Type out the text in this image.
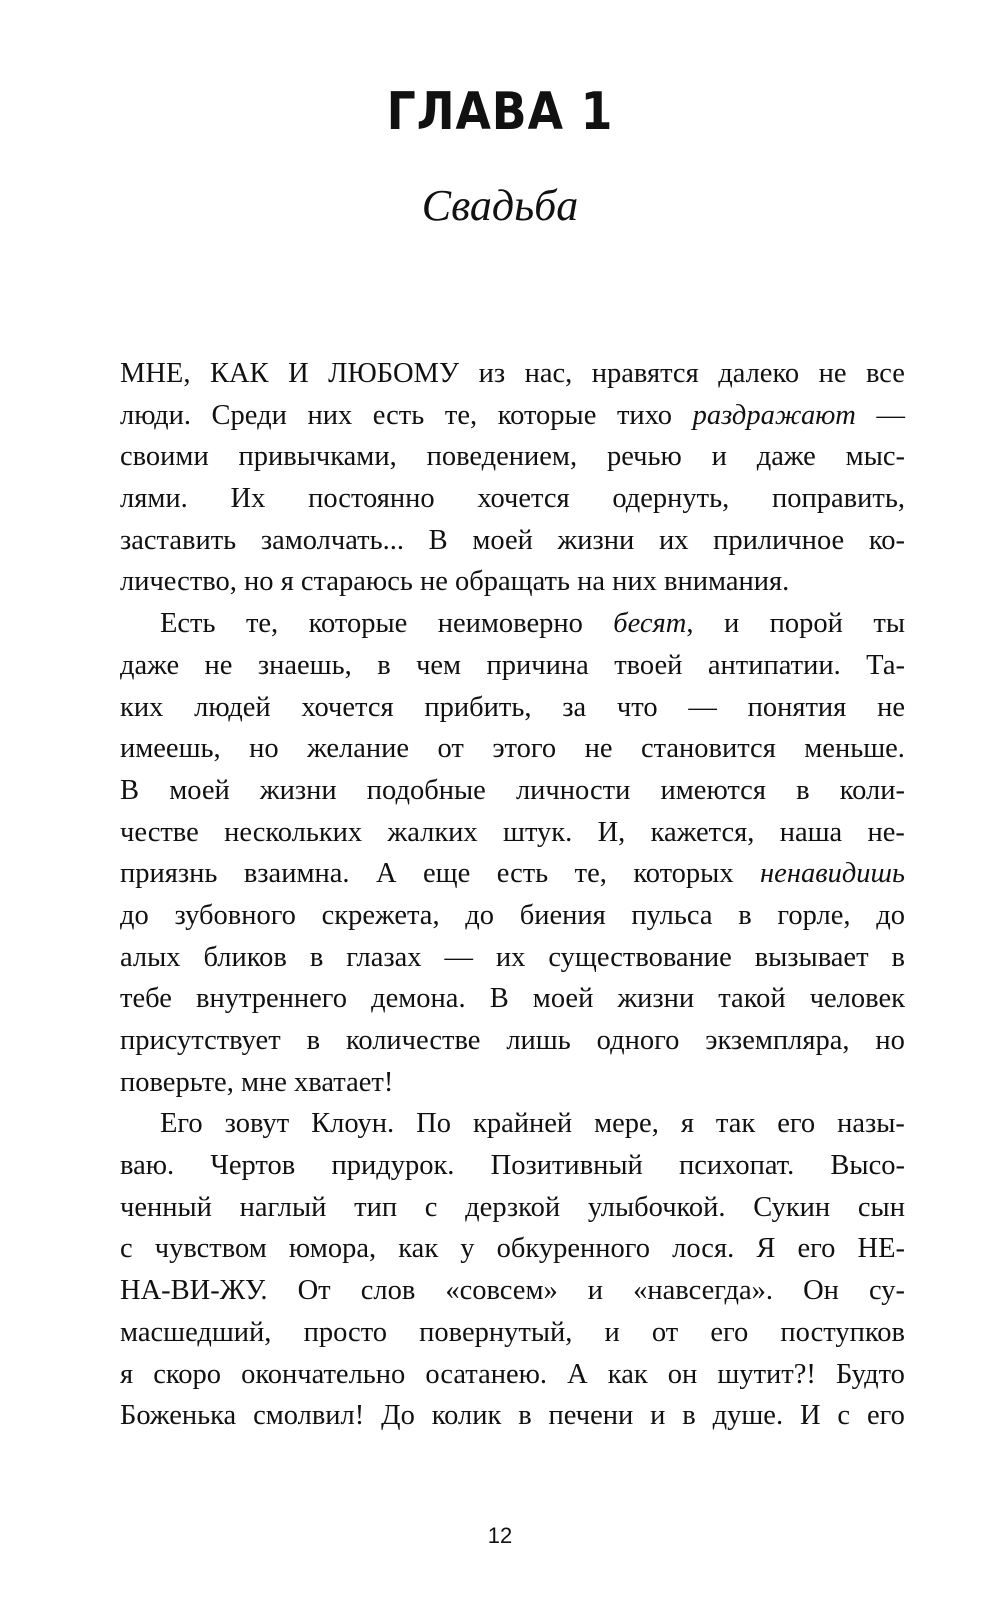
ГЛАВА 1
Свадьба
МНЕ, КАК И ЛЮБОМУ из нас, нравятся далеко не все
люди. Среди них есть те, которые тихо раздражают —
своими привычками, поведением, речью и даже мыс-
лями. Их постоянно хочется одернуть, поправить,
заставить замолчать... В моей жизни их приличное ко-
личество, но я стараюсь не обращать на них внимания.
Есть те, которые неимоверно бесят, и порой ты
даже не знаешь, в чем причина твоей антипатии. Та-
ких людей хочется прибить, за что — понятия не
имеешь, но желание от этого не становится меньше.
В моей жизни подобные личности имеются в коли-
честве нескольких жалких штук. И, кажется, наша не-
приязнь взаимна. А еще есть те, которых ненавидишь
до зубовного скрежета, до биения пульса в горле, до
алых бликов в глазах — их существование вызывает в
тебе внутреннего демона. В моей жизни такой человек
присутствует в количестве лишь одного экземпляра, но
поверьте, мне хватает!
Его зовут Клоун. По крайней мере, я так его назы-
ваю. Чертов придурок. Позитивный психопат. Высо-
ченный наглый тип с дерзкой улыбочкой. Сукин сын
с чувством юмора, как у обкуренного лося. Я его НЕ-
НА-ВИ-ЖУ. От слов «совсем» и «навсегда». Он су-
масшедший, просто повернутый, и от его поступков
я скоро окончательно осатанею. А как он шутит?! Будто
Боженька смолвил! До колик в печени и в душе. И с его
12
